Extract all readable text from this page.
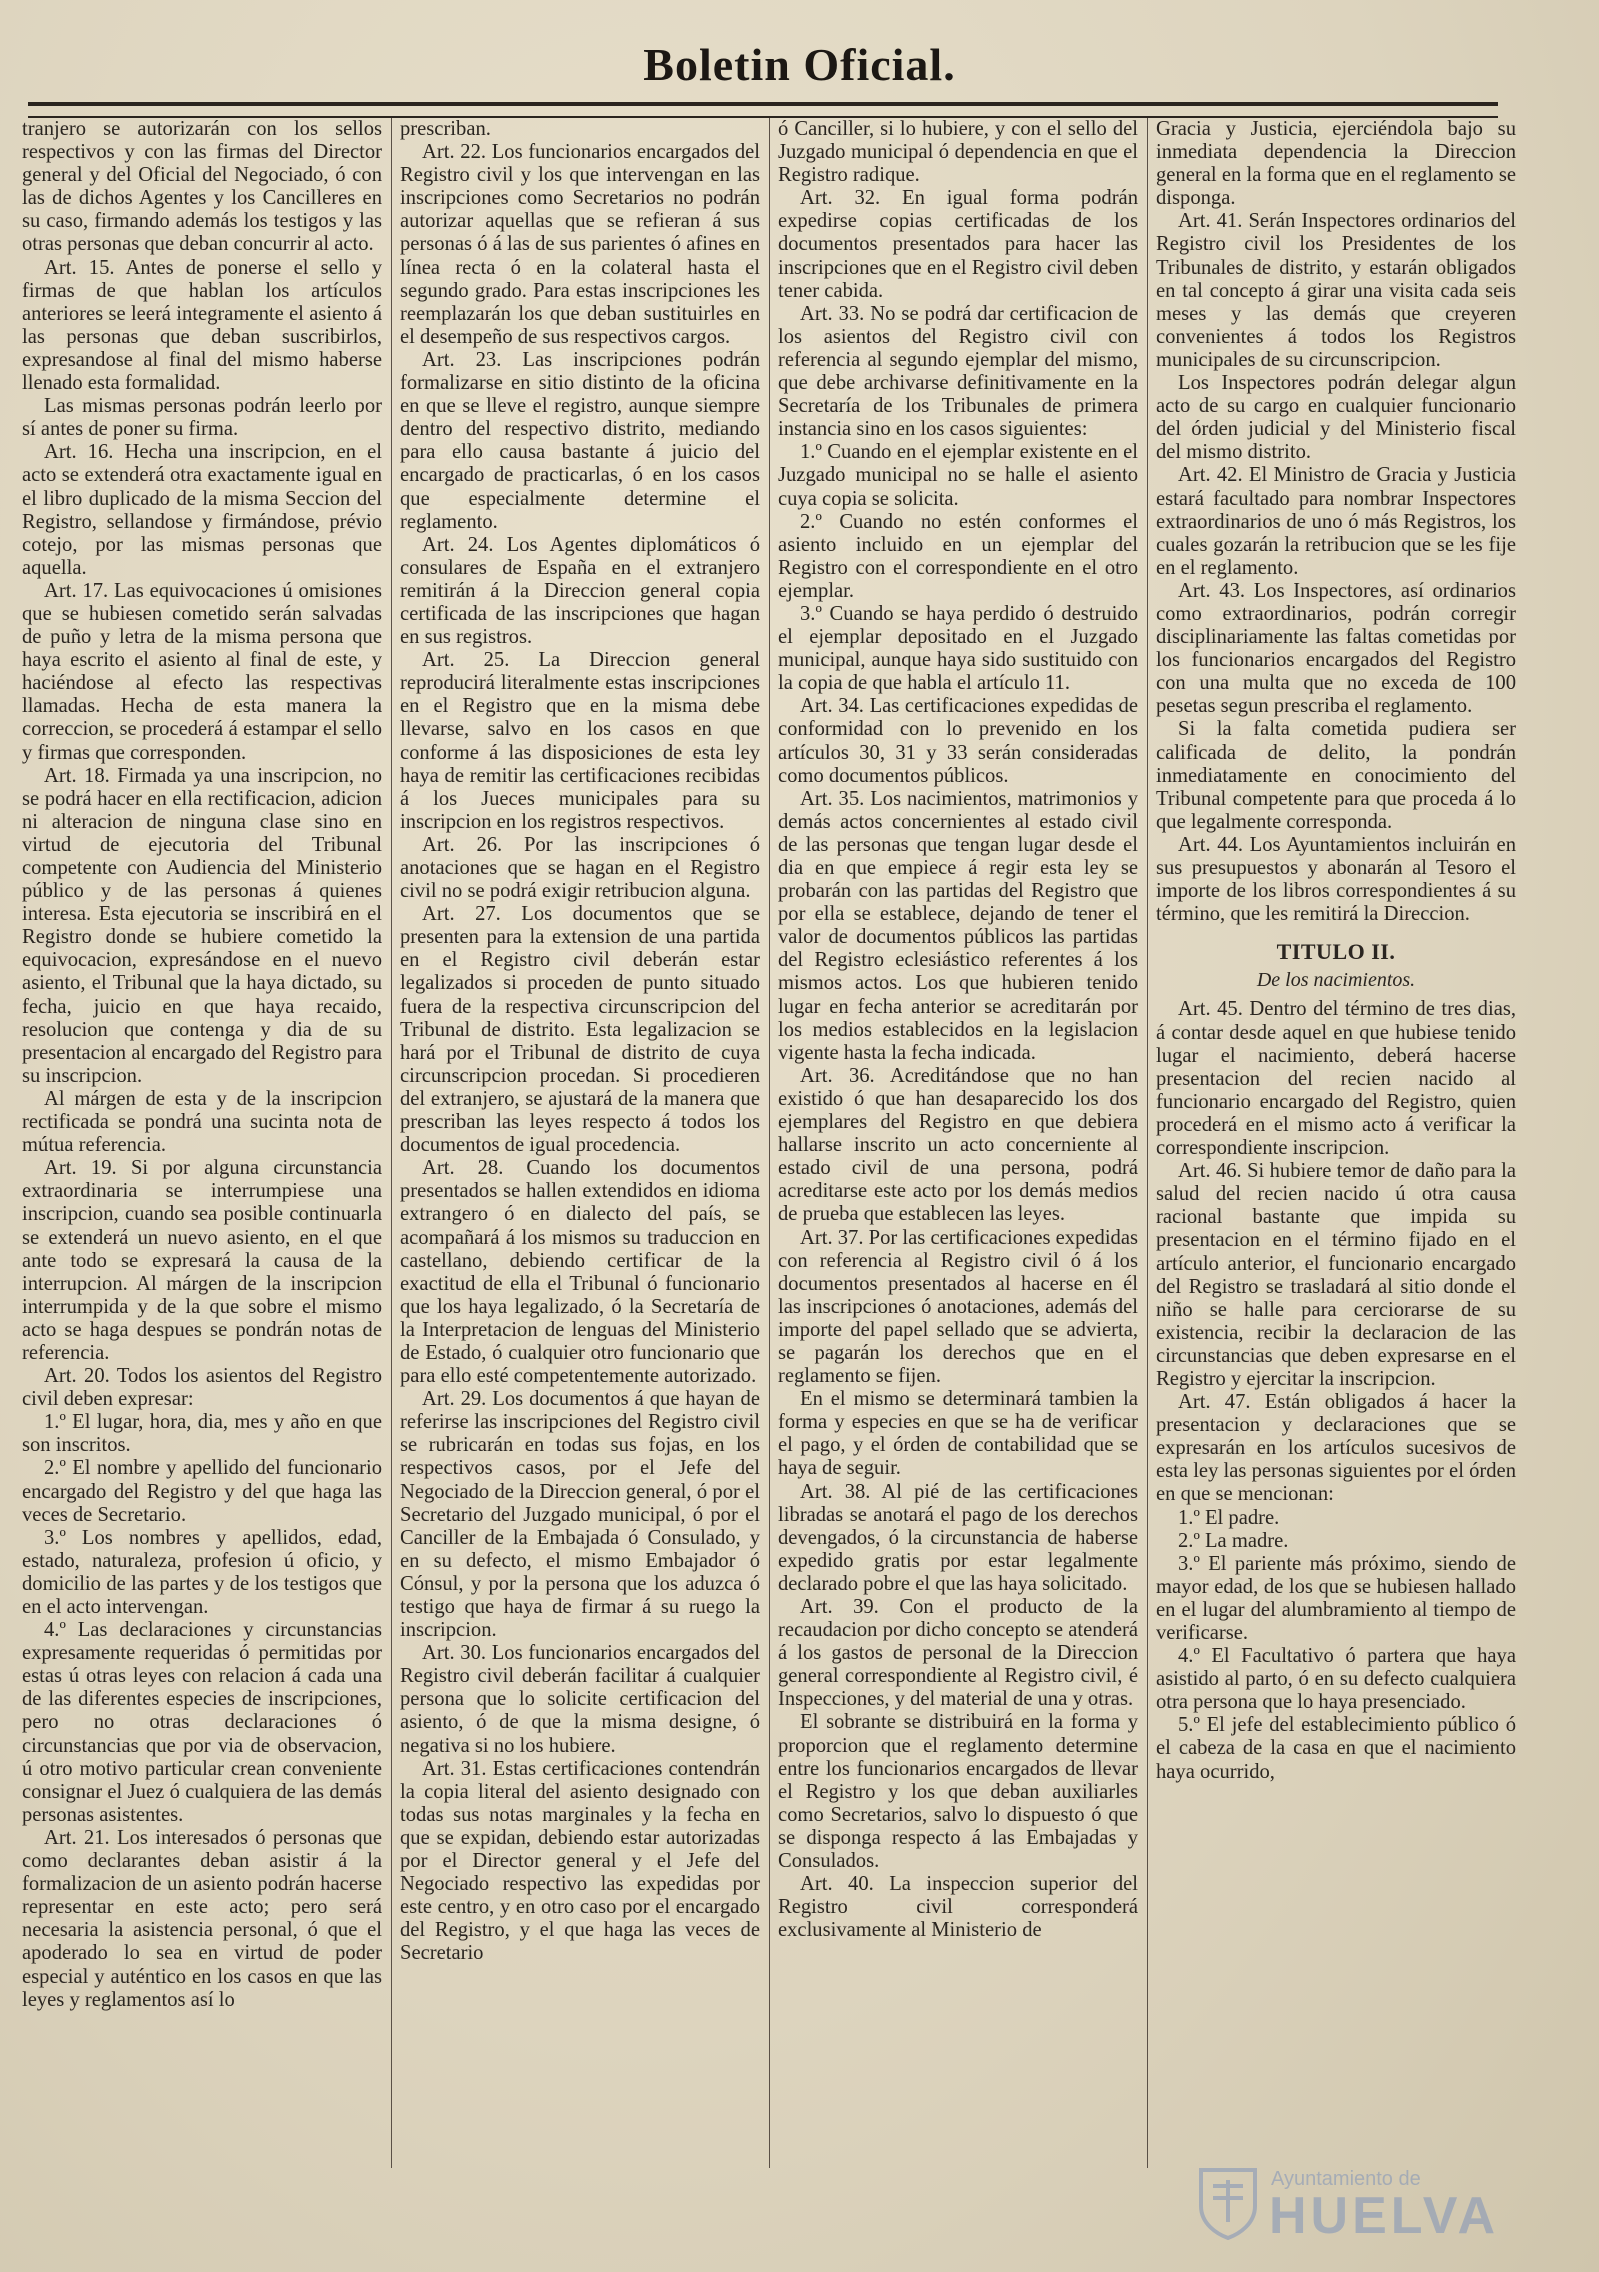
Boletin Oficial.

tranjero se autorizarán con los sellos respectivos y con las firmas del Director general y del Oficial del Negociado, ó con las de dichos Agentes y los Cancilleres en su caso, firmando además los testigos y las otras personas que deban concurrir al acto.

Art. 15. Antes de ponerse el sello y firmas de que hablan los artículos anteriores se leerá integramente el asiento á las personas que deban suscribirlos, expresandose al final del mismo haberse llenado esta formalidad.

Las mismas personas podrán leerlo por sí antes de poner su firma.

Art. 16. Hecha una inscripcion, en el acto se extenderá otra exactamente igual en el libro duplicado de la misma Seccion del Registro, sellandose y firmándose, prévio cotejo, por las mismas personas que aquella.

Art. 17. Las equivocaciones ú omisiones que se hubiesen cometido serán salvadas de puño y letra de la misma persona que haya escrito el asiento al final de este, y haciéndose al efecto las respectivas llamadas. Hecha de esta manera la correccion, se procederá á estampar el sello y firmas que corresponden.

Art. 18. Firmada ya una inscripcion, no se podrá hacer en ella rectificacion, adicion ni alteracion de ninguna clase sino en virtud de ejecutoria del Tribunal competente con Audiencia del Ministerio público y de las personas á quienes interesa. Esta ejecutoria se inscribirá en el Registro donde se hubiere cometido la equivocacion, expresándose en el nuevo asiento, el Tribunal que la haya dictado, su fecha, juicio en que haya recaido, resolucion que contenga y dia de su presentacion al encargado del Registro para su inscripcion.

Al márgen de esta y de la inscripcion rectificada se pondrá una sucinta nota de mútua referencia.

Art. 19. Si por alguna circunstancia extraordinaria se interrumpiese una inscripcion, cuando sea posible continuarla se extenderá un nuevo asiento, en el que ante todo se expresará la causa de la interrupcion. Al márgen de la inscripcion interrumpida y de la que sobre el mismo acto se haga despues se pondrán notas de referencia.

Art. 20. Todos los asientos del Registro civil deben expresar:

1.º El lugar, hora, dia, mes y año en que son inscritos.

2.º El nombre y apellido del funcionario encargado del Registro y del que haga las veces de Secretario.

3.º Los nombres y apellidos, edad, estado, naturaleza, profesion ú oficio, y domicilio de las partes y de los testigos que en el acto intervengan.

4.º Las declaraciones y circunstancias expresamente requeridas ó permitidas por estas ú otras leyes con relacion á cada una de las diferentes especies de inscripciones, pero no otras declaraciones ó circunstancias que por via de observacion, ú otro motivo particular crean conveniente consignar el Juez ó cualquiera de las demás personas asistentes.

Art. 21. Los interesados ó personas que como declarantes deban asistir á la formalizacion de un asiento podrán hacerse representar en este acto; pero será necesaria la asistencia personal, ó que el apoderado lo sea en virtud de poder especial y auténtico en los casos en que las leyes y reglamentos así lo

prescriban.

Art. 22. Los funcionarios encargados del Registro civil y los que intervengan en las inscripciones como Secretarios no podrán autorizar aquellas que se refieran á sus personas ó á las de sus parientes ó afines en línea recta ó en la colateral hasta el segundo grado. Para estas inscripciones les reemplazarán los que deban sustituirles en el desempeño de sus respectivos cargos.

Art. 23. Las inscripciones podrán formalizarse en sitio distinto de la oficina en que se lleve el registro, aunque siempre dentro del respectivo distrito, mediando para ello causa bastante á juicio del encargado de practicarlas, ó en los casos que especialmente determine el reglamento.

Art. 24. Los Agentes diplomáticos ó consulares de España en el extranjero remitirán á la Direccion general copia certificada de las inscripciones que hagan en sus registros.

Art. 25. La Direccion general reproducirá literalmente estas inscripciones en el Registro que en la misma debe llevarse, salvo en los casos en que conforme á las disposiciones de esta ley haya de remitir las certificaciones recibidas á los Jueces municipales para su inscripcion en los registros respectivos.

Art. 26. Por las inscripciones ó anotaciones que se hagan en el Registro civil no se podrá exigir retribucion alguna.

Art. 27. Los documentos que se presenten para la extension de una partida en el Registro civil deberán estar legalizados si proceden de punto situado fuera de la respectiva circunscripcion del Tribunal de distrito. Esta legalizacion se hará por el Tribunal de distrito de cuya circunscripcion procedan. Si procedieren del extranjero, se ajustará de la manera que prescriban las leyes respecto á todos los documentos de igual procedencia.

Art. 28. Cuando los documentos presentados se hallen extendidos en idioma extrangero ó en dialecto del país, se acompañará á los mismos su traduccion en castellano, debiendo certificar de la exactitud de ella el Tribunal ó funcionario que los haya legalizado, ó la Secretaría de la Interpretacion de lenguas del Ministerio de Estado, ó cualquier otro funcionario que para ello esté competentemente autorizado.

Art. 29. Los documentos á que hayan de referirse las inscripciones del Registro civil se rubricarán en todas sus fojas, en los respectivos casos, por el Jefe del Negociado de la Direccion general, ó por el Secretario del Juzgado municipal, ó por el Canciller de la Embajada ó Consulado, y en su defecto, el mismo Embajador ó Cónsul, y por la persona que los aduzca ó testigo que haya de firmar á su ruego la inscripcion.

Art. 30. Los funcionarios encargados del Registro civil deberán facilitar á cualquier persona que lo solicite certificacion del asiento, ó de que la misma designe, ó negativa si no los hubiere.

Art. 31. Estas certificaciones contendrán la copia literal del asiento designado con todas sus notas marginales y la fecha en que se expidan, debiendo estar autorizadas por el Director general y el Jefe del Negociado respectivo las expedidas por este centro, y en otro caso por el encargado del Registro, y el que haga las veces de Secretario

ó Canciller, si lo hubiere, y con el sello del Juzgado municipal ó dependencia en que el Registro radique.

Art. 32. En igual forma podrán expedirse copias certificadas de los documentos presentados para hacer las inscripciones que en el Registro civil deben tener cabida.

Art. 33. No se podrá dar certificacion de los asientos del Registro civil con referencia al segundo ejemplar del mismo, que debe archivarse definitivamente en la Secretaría de los Tribunales de primera instancia sino en los casos siguientes:

1.º Cuando en el ejemplar existente en el Juzgado municipal no se halle el asiento cuya copia se solicita.

2.º Cuando no estén conformes el asiento incluido en un ejemplar del Registro con el correspondiente en el otro ejemplar.

3.º Cuando se haya perdido ó destruido el ejemplar depositado en el Juzgado municipal, aunque haya sido sustituido con la copia de que habla el artículo 11.

Art. 34. Las certificaciones expedidas de conformidad con lo prevenido en los artículos 30, 31 y 33 serán consideradas como documentos públicos.

Art. 35. Los nacimientos, matrimonios y demás actos concernientes al estado civil de las personas que tengan lugar desde el dia en que empiece á regir esta ley se probarán con las partidas del Registro que por ella se establece, dejando de tener el valor de documentos públicos las partidas del Registro eclesiástico referentes á los mismos actos. Los que hubieren tenido lugar en fecha anterior se acreditarán por los medios establecidos en la legislacion vigente hasta la fecha indicada.

Art. 36. Acreditándose que no han existido ó que han desaparecido los dos ejemplares del Registro en que debiera hallarse inscrito un acto concerniente al estado civil de una persona, podrá acreditarse este acto por los demás medios de prueba que establecen las leyes.

Art. 37. Por las certificaciones expedidas con referencia al Registro civil ó á los documentos presentados al hacerse en él las inscripciones ó anotaciones, además del importe del papel sellado que se advierta, se pagarán los derechos que en el reglamento se fijen.

En el mismo se determinará tambien la forma y especies en que se ha de verificar el pago, y el órden de contabilidad que se haya de seguir.

Art. 38. Al pié de las certificaciones libradas se anotará el pago de los derechos devengados, ó la circunstancia de haberse expedido gratis por estar legalmente declarado pobre el que las haya solicitado.

Art. 39. Con el producto de la recaudacion por dicho concepto se atenderá á los gastos de personal de la Direccion general correspondiente al Registro civil, é Inspecciones, y del material de una y otras.

El sobrante se distribuirá en la forma y proporcion que el reglamento determine entre los funcionarios encargados de llevar el Registro y los que deban auxiliarles como Secretarios, salvo lo dispuesto ó que se disponga respecto á las Embajadas y Consulados.

Art. 40. La inspeccion superior del Registro civil corresponderá exclusivamente al Ministerio de

Gracia y Justicia, ejerciéndola bajo su inmediata dependencia la Direccion general en la forma que en el reglamento se disponga.

Art. 41. Serán Inspectores ordinarios del Registro civil los Presidentes de los Tribunales de distrito, y estarán obligados en tal concepto á girar una visita cada seis meses y las demás que creyeren convenientes á todos los Registros municipales de su circunscripcion.

Los Inspectores podrán delegar algun acto de su cargo en cualquier funcionario del órden judicial y del Ministerio fiscal del mismo distrito.

Art. 42. El Ministro de Gracia y Justicia estará facultado para nombrar Inspectores extraordinarios de uno ó más Registros, los cuales gozarán la retribucion que se les fije en el reglamento.

Art. 43. Los Inspectores, así ordinarios como extraordinarios, podrán corregir disciplinariamente las faltas cometidas por los funcionarios encargados del Registro con una multa que no exceda de 100 pesetas segun prescriba el reglamento.

Si la falta cometida pudiera ser calificada de delito, la pondrán inmediatamente en conocimiento del Tribunal competente para que proceda á lo que legalmente corresponda.

Art. 44. Los Ayuntamientos incluirán en sus presupuestos y abonarán al Tesoro el importe de los libros correspondientes á su término, que les remitirá la Direccion.

TITULO II.
De los nacimientos.

Art. 45. Dentro del término de tres dias, á contar desde aquel en que hubiese tenido lugar el nacimiento, deberá hacerse presentacion del recien nacido al funcionario encargado del Registro, quien procederá en el mismo acto á verificar la correspondiente inscripcion.

Art. 46. Si hubiere temor de daño para la salud del recien nacido ú otra causa racional bastante que impida su presentacion en el término fijado en el artículo anterior, el funcionario encargado del Registro se trasladará al sitio donde el niño se halle para cerciorarse de su existencia, recibir la declaracion de las circunstancias que deben expresarse en el Registro y ejercitar la inscripcion.

Art. 47. Están obligados á hacer la presentacion y declaraciones que se expresarán en los artículos sucesivos de esta ley las personas siguientes por el órden en que se mencionan:

1.º El padre.

2.º La madre.

3.º El pariente más próximo, siendo de mayor edad, de los que se hubiesen hallado en el lugar del alumbramiento al tiempo de verificarse.

4.º El Facultativo ó partera que haya asistido al parto, ó en su defecto cualquiera otra persona que lo haya presenciado.

5.º El jefe del establecimiento público ó el cabeza de la casa en que el nacimiento haya ocurrido,

Ayuntamiento de
HUELVA
